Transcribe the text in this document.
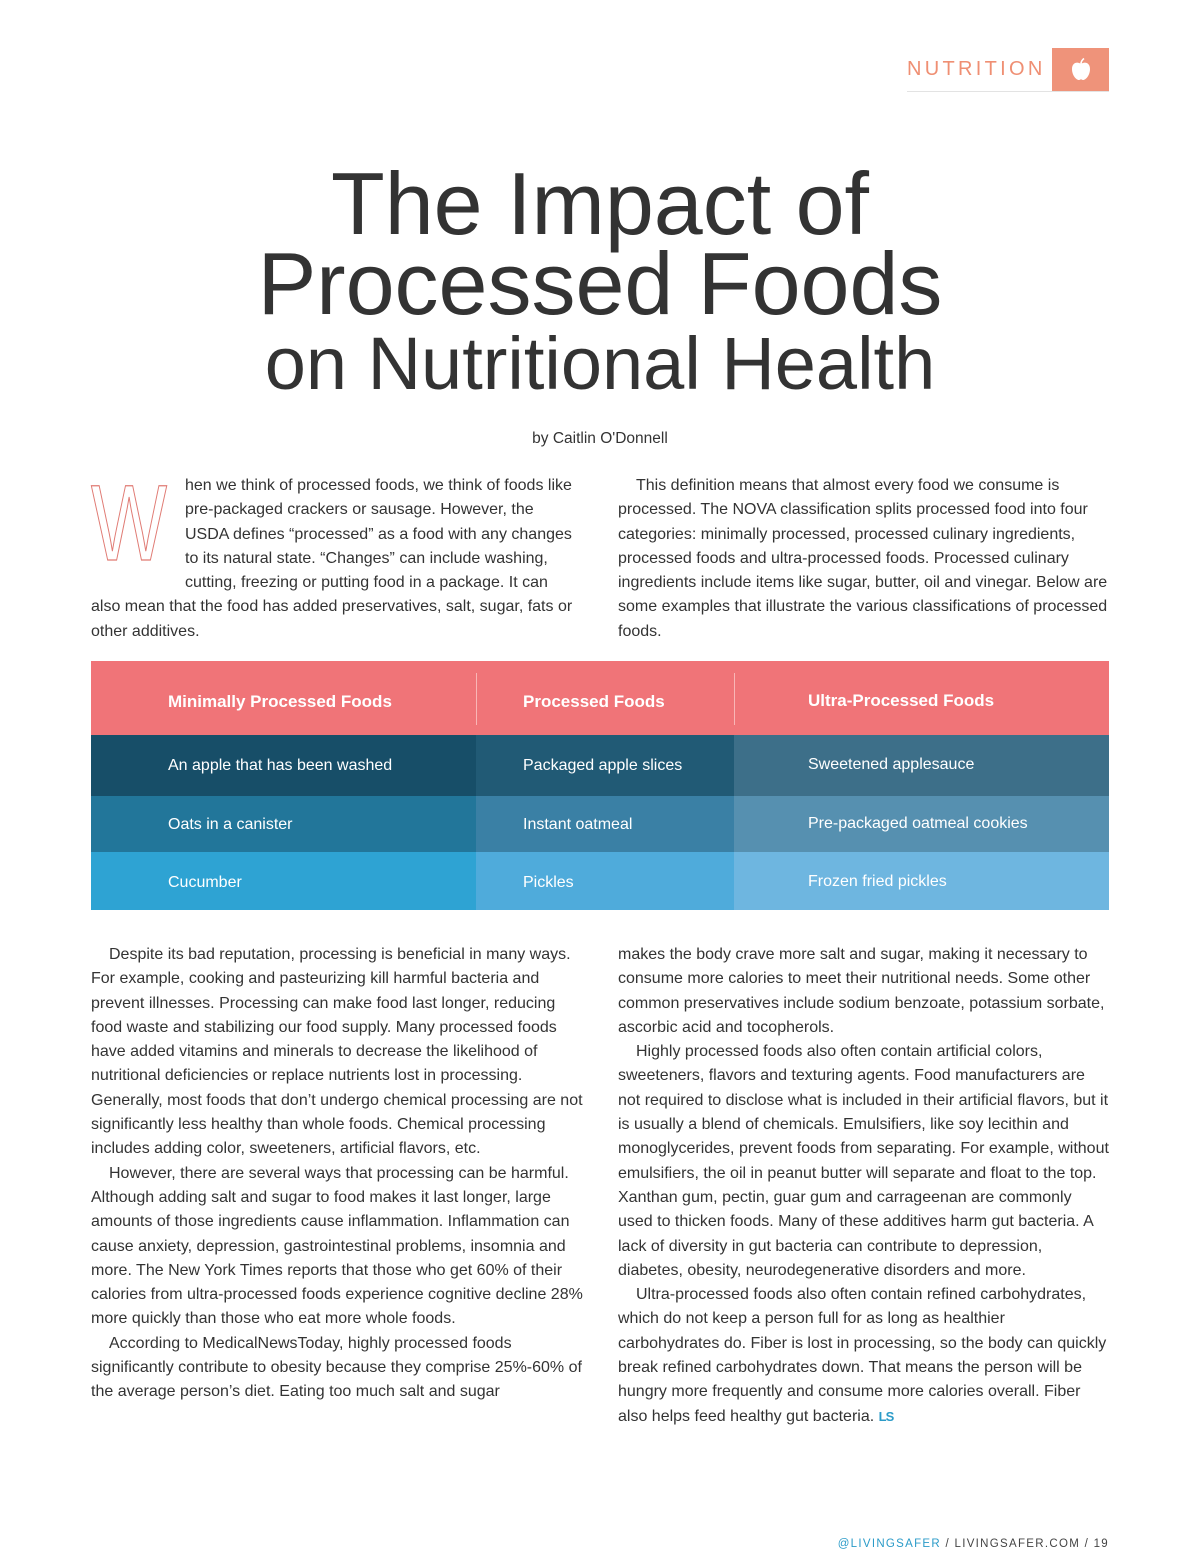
NUTRITION
The Impact of
Processed Foods
on Nutritional Health
by Caitlin O'Donnell
W hen we think of processed foods, we think of foods like pre-packaged crackers or sausage. However, the USDA defines “processed” as a food with any changes to its natural state. “Changes” can include washing, cutting, freezing or putting food in a package. It can also mean that the food has added preservatives, salt, sugar, fats or other additives.
This definition means that almost every food we consume is processed. The NOVA classification splits processed food into four categories: minimally processed, processed culinary ingredients, processed foods and ultra-processed foods. Processed culinary ingredients include items like sugar, butter, oil and vinegar. Below are some examples that illustrate the various classifications of processed foods.
Minimally Processed Foods	Processed Foods	Ultra-Processed Foods
An apple that has been washed	Packaged apple slices	Sweetened applesauce
Oats in a canister	Instant oatmeal	Pre-packaged oatmeal cookies
Cucumber	Pickles	Frozen fried pickles

Despite its bad reputation, processing is beneficial in many ways. For example, cooking and pasteurizing kill harmful bacteria and prevent illnesses. Processing can make food last longer, reducing food waste and stabilizing our food supply. Many processed foods have added vitamins and minerals to decrease the likelihood of nutritional deficiencies or replace nutrients lost in processing. Generally, most foods that don’t undergo chemical processing are not significantly less healthy than whole foods. Chemical processing includes adding color, sweeteners, artificial flavors, etc.

However, there are several ways that processing can be harmful. Although adding salt and sugar to food makes it last longer, large amounts of those ingredients cause inflammation. Inflammation can cause anxiety, depression, gastrointestinal problems, insomnia and more. The New York Times reports that those who get 60% of their calories from ultra-processed foods experience cognitive decline 28% more quickly than those who eat more whole foods.

According to MedicalNewsToday, highly processed foods significantly contribute to obesity because they comprise 25%-60% of the average person’s diet. Eating too much salt and sugar

makes the body crave more salt and sugar, making it necessary to consume more calories to meet their nutritional needs. Some other common preservatives include sodium benzoate, potassium sorbate, ascorbic acid and tocopherols.

Highly processed foods also often contain artificial colors, sweeteners, flavors and texturing agents. Food manufacturers are not required to disclose what is included in their artificial flavors, but it is usually a blend of chemicals. Emulsifiers, like soy lecithin and monoglycerides, prevent foods from separating. For example, without emulsifiers, the oil in peanut butter will separate and float to the top. Xanthan gum, pectin, guar gum and carrageenan are commonly used to thicken foods. Many of these additives harm gut bacteria. A lack of diversity in gut bacteria can contribute to depression, diabetes, obesity, neurodegenerative disorders and more.

Ultra-processed foods also often contain refined carbohydrates, which do not keep a person full for as long as healthier carbohydrates do. Fiber is lost in processing, so the body can quickly break refined carbohydrates down. That means the person will be hungry more frequently and consume more calories overall. Fiber also helps feed healthy gut bacteria. LS

@LIVINGSAFER / LIVINGSAFER.COM / 19
